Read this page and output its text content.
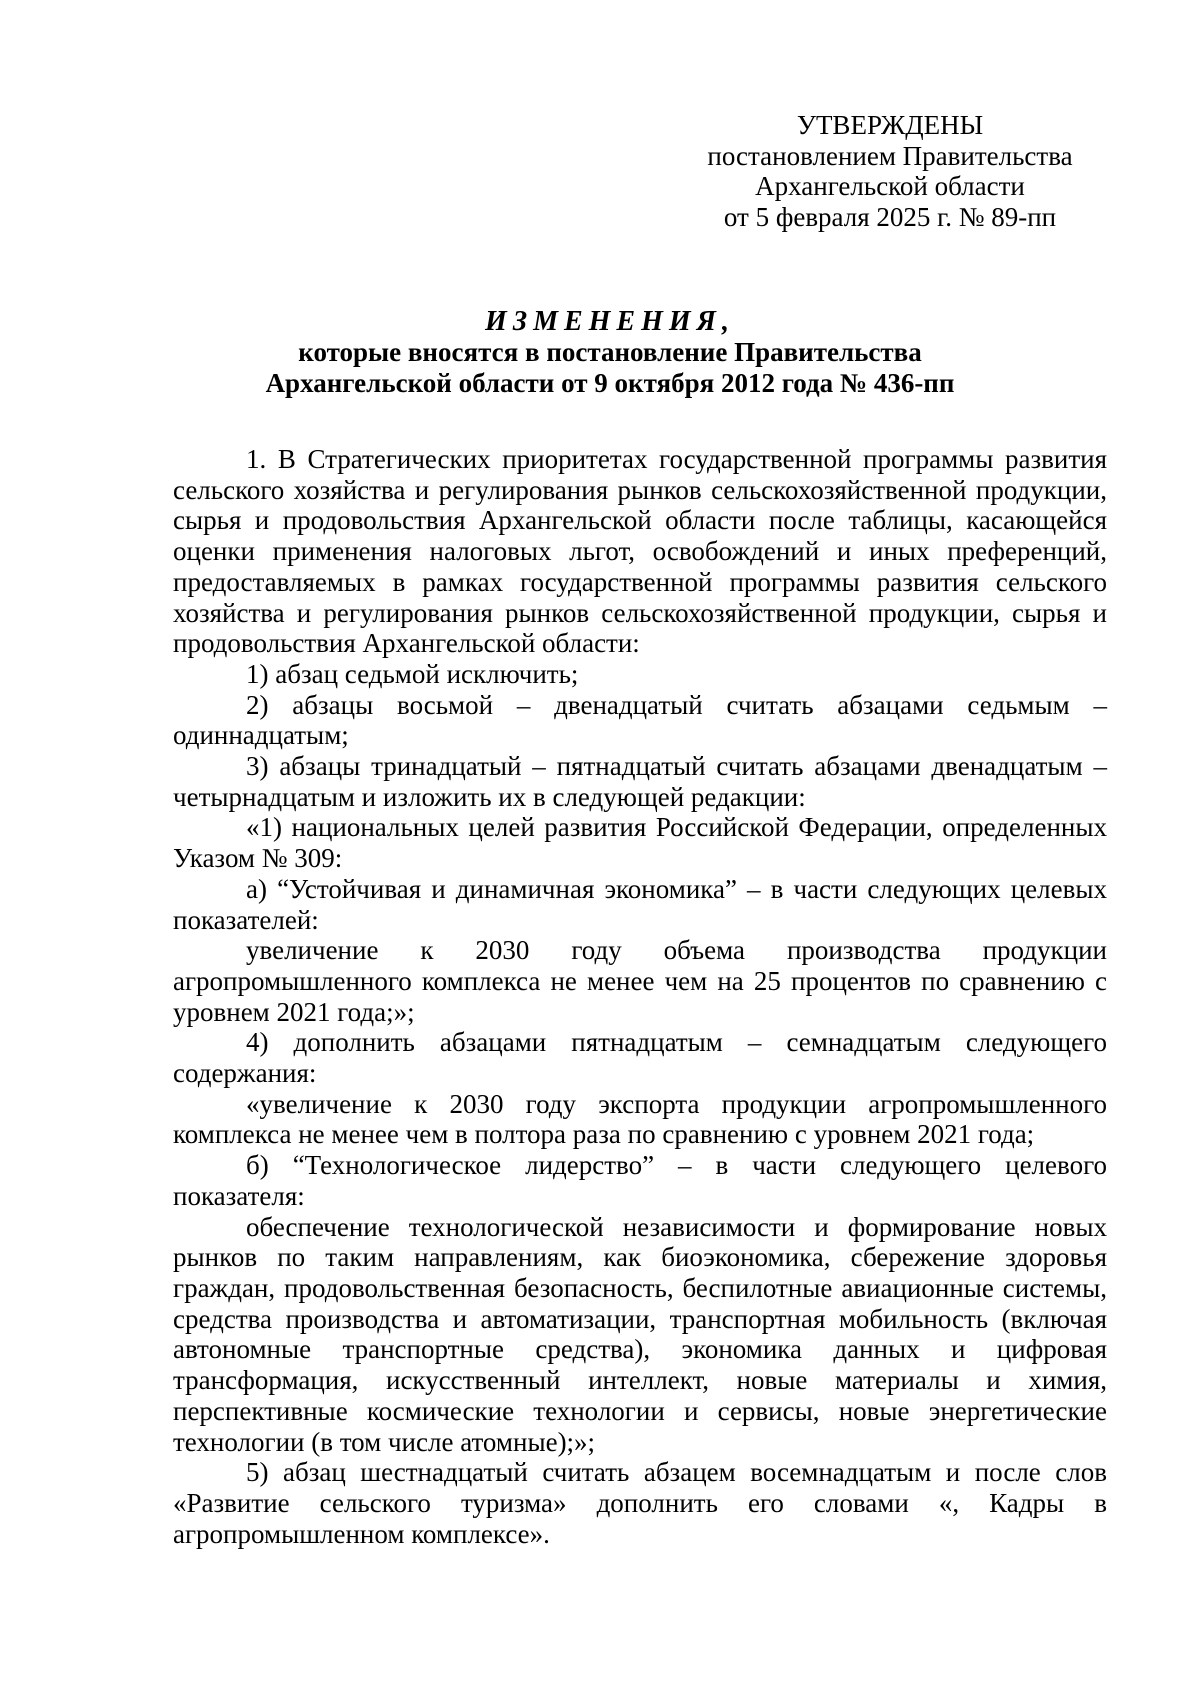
УТВЕРЖДЕНЫ
постановлением Правительства
Архангельской области
от 5 февраля 2025 г. № 89-пп
ИЗМЕНЕНИЯ,
которые вносятся в постановление Правительства
Архангельской области от 9 октября 2012 года № 436-пп

1. В Стратегических приоритетах государственной программы развития сельского хозяйства и регулирования рынков сельскохозяйственной продукции, сырья и продовольствия Архангельской области после таблицы, касающейся оценки применения налоговых льгот, освобождений и иных преференций, предоставляемых в рамках государственной программы развития сельского хозяйства и регулирования рынков сельскохозяйственной продукции, сырья и продовольствия Архангельской области:

1) абзац седьмой исключить;

2) абзацы восьмой – двенадцатый считать абзацами седьмым – одиннадцатым;

3) абзацы тринадцатый – пятнадцатый считать абзацами двенадцатым – четырнадцатым и изложить их в следующей редакции:

«1) национальных целей развития Российской Федерации, определенных Указом № 309:

а) “Устойчивая и динамичная экономика” – в части следующих целевых показателей:

увеличение к 2030 году объема производства продукции агропромышленного комплекса не менее чем на 25 процентов по сравнению с уровнем 2021 года;»;

4) дополнить абзацами пятнадцатым – семнадцатым следующего содержания:

«увеличение к 2030 году экспорта продукции агропромышленного комплекса не менее чем в полтора раза по сравнению с уровнем 2021 года;

б) “Технологическое лидерство” – в части следующего целевого показателя:

обеспечение технологической независимости и формирование новых рынков по таким направлениям, как биоэкономика, сбережение здоровья граждан, продовольственная безопасность, беспилотные авиационные системы, средства производства и автоматизации, транспортная мобильность (включая автономные транспортные средства), экономика данных и цифровая трансформация, искусственный интеллект, новые материалы и химия, перспективные космические технологии и сервисы, новые энергетические технологии (в том числе атомные);»;

5) абзац шестнадцатый считать абзацем восемнадцатым и после слов «Развитие сельского туризма» дополнить его словами «, Кадры в агропромышленном комплексе».
